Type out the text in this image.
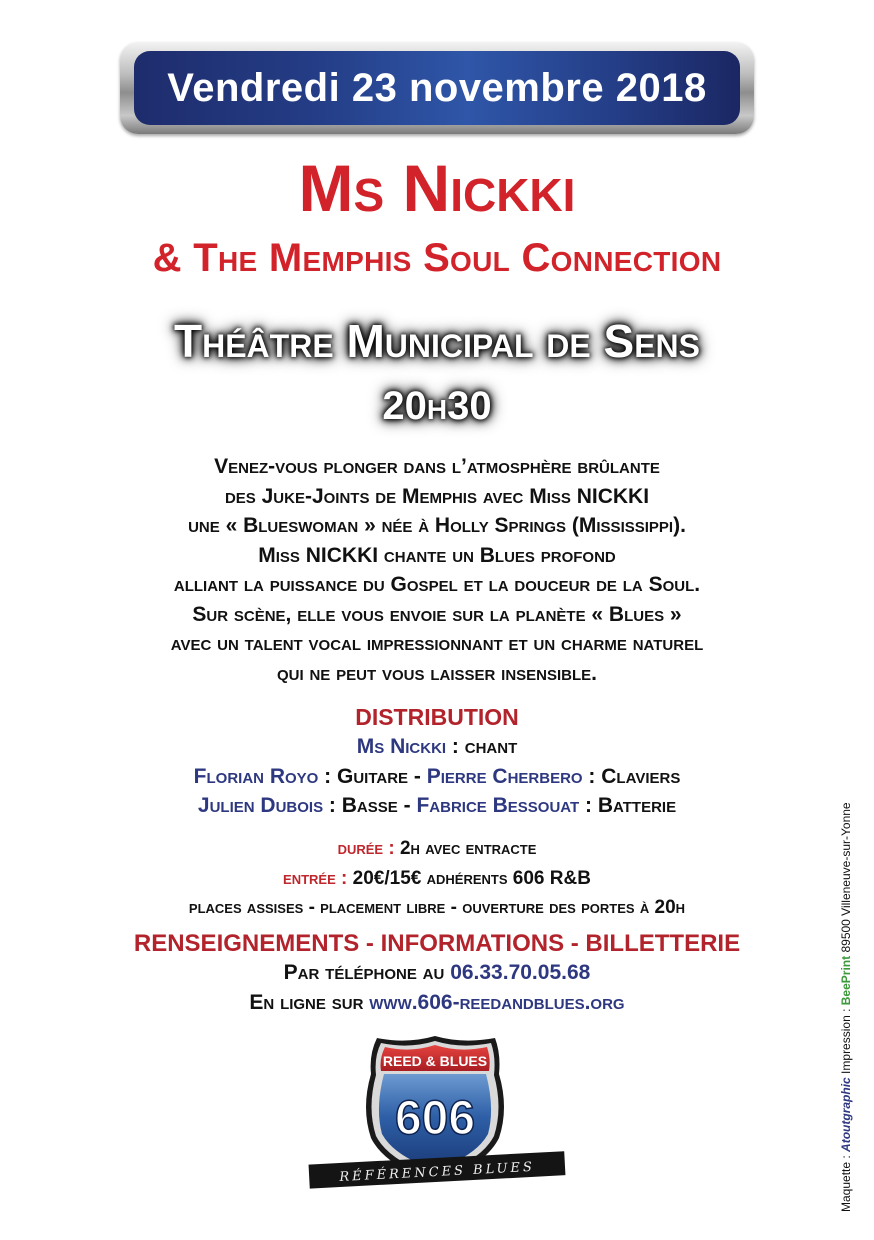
Vendredi 23 novembre 2018
Ms Nickki
& The Memphis Soul Connection
Théâtre Municipal de Sens
20h30
Venez-vous plonger dans l’atmosphère brûlante
des Juke-Joints de Memphis avec Miss NICKKI
une « Blueswoman » née à Holly Springs (Mississippi).
Miss NICKKI chante un Blues profond
alliant la puissance du Gospel et la douceur de la Soul.
Sur scène, elle vous envoie sur la planète « Blues »
avec un talent vocal impressionnant et un charme naturel
qui ne peut vous laisser insensible.
DISTRIBUTION
Ms Nickki : chant
Florian Royo : Guitare - Pierre Cherbero : Claviers
Julien Dubois : Basse - Fabrice Bessouat : Batterie
durée : 2h avec entracte
entrée : 20€/15€ adhérents 606 R&B
places assises - placement libre - ouverture des portes à 20h
RENSEIGNEMENTS - INFORMATIONS - BILLETTERIE
Par téléphone au 06.33.70.05.68
En ligne sur www.606-reedandblues.org
REED & BLUES
606
RÉFÉRENCES BLUES	Maquette : Atoutgraphic Impression : BeePrint 89500 Villeneuve-sur-Yonne
